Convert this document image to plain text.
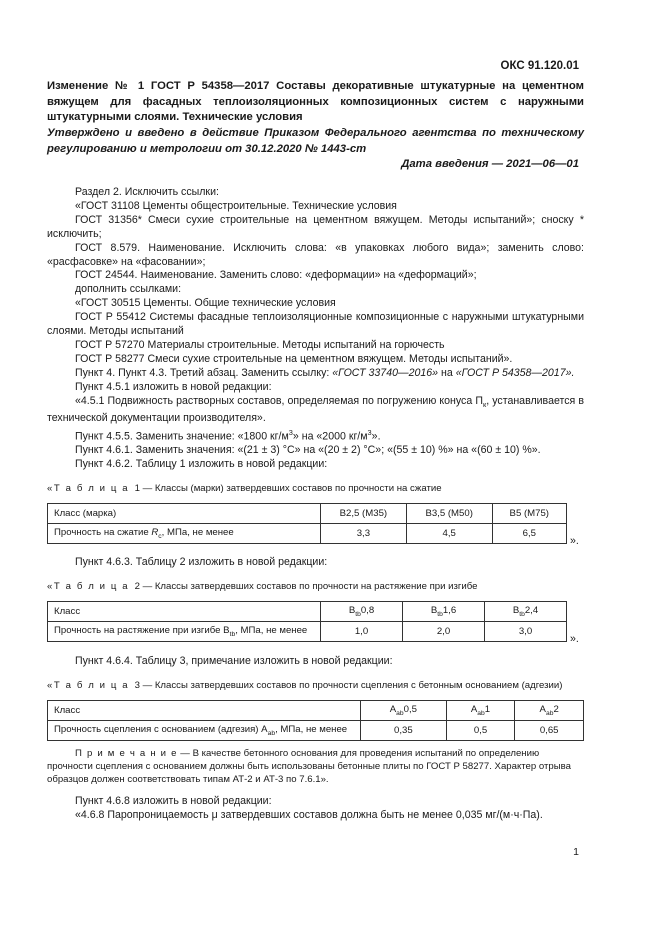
ОКС 91.120.01
Изменение № 1 ГОСТ Р 54358—2017 Составы декоративные штукатурные на цементном вяжущем для фасадных теплоизоляционных композиционных систем с наружными штукатурными слоями. Технические условия
Утверждено и введено в действие Приказом Федерального агентства по техническому регулированию и метрологии от 30.12.2020 № 1443-ст
Дата введения — 2021—06—01

Раздел 2. Исключить ссылки:

«ГОСТ 31108 Цементы общестроительные. Технические условия

ГОСТ 31356* Смеси сухие строительные на цементном вяжущем. Методы испытаний»; сноску * исключить;

ГОСТ 8.579. Наименование. Исключить слова: «в упаковках любого вида»; заменить слово: «расфасовке» на «фасовании»;

ГОСТ 24544. Наименование. Заменить слово: «деформации» на «деформаций»;

дополнить ссылками:

«ГОСТ 30515 Цементы. Общие технические условия

ГОСТ Р 55412 Системы фасадные теплоизоляционные композиционные с наружными штукатурными слоями. Методы испытаний

ГОСТ Р 57270 Материалы строительные. Методы испытаний на горючесть

ГОСТ Р 58277 Смеси сухие строительные на цементном вяжущем. Методы испытаний».

Пункт 4. Пункт 4.3. Третий абзац. Заменить ссылку: «ГОСТ 33740—2016» на «ГОСТ Р 54358—2017».

Пункт 4.5.1 изложить в новой редакции:

«4.5.1 Подвижность растворных составов, определяемая по погружению конуса $П_к$, устанавливается в технической документации производителя».

Пункт 4.5.5. Заменить значение: «1800 $кг/м^3$» на «2000 $кг/м^3$».

Пункт 4.6.1. Заменить значения: «(21 ± 3) °С» на «(20 ± 2) °С»; «(55 ± 10) %» на «(60 ± 10) %».

Пункт 4.6.2. Таблицу 1 изложить в новой редакции:

«Т а б л и ц а 1 — Классы (марки) затвердевших составов по прочности на сжатие
Класс (марка)	В2,5 (М35)	В3,5 (М50)	В5 (М75)
Прочность на сжатие $R_c$, МПа, не менее	3,3	4,5	6,5
».
Пункт 4.6.3. Таблицу 2 изложить в новой редакции:
«Т а б л и ц а 2 — Классы затвердевших составов по прочности на растяжение при изгибе
Класс	$В_{tb}0,8$	$В_{tb}1,6$	$В_{tb}2,4$
Прочность на растяжение при изгибе $В_{tb}$, МПа, не менее	1,0	2,0	3,0
».
Пункт 4.6.4. Таблицу 3, примечание изложить в новой редакции:
«Т а б л и ц а 3 — Классы затвердевших составов по прочности сцепления с бетонным основанием (адгезии)
Класс	$А_{ab}0,5$	$А_{ab}1$	$А_{ab}2$
Прочность сцепления с основанием (адгезия) $А_{ab}$, МПа, не менее	0,35	0,5	0,65
П р и м е ч а н и е — В качестве бетонного основания для проведения испытаний по определению прочности сцепления с основанием должны быть использованы бетонные плиты по ГОСТ Р 58277. Характер отрыва образцов должен соответствовать типам АТ-2 и АТ-3 по 7.6.1».

Пункт 4.6.8 изложить в новой редакции:

«4.6.8 Паропроницаемость μ затвердевших составов должна быть не менее 0,035 мг/(м·ч·Па).

1
